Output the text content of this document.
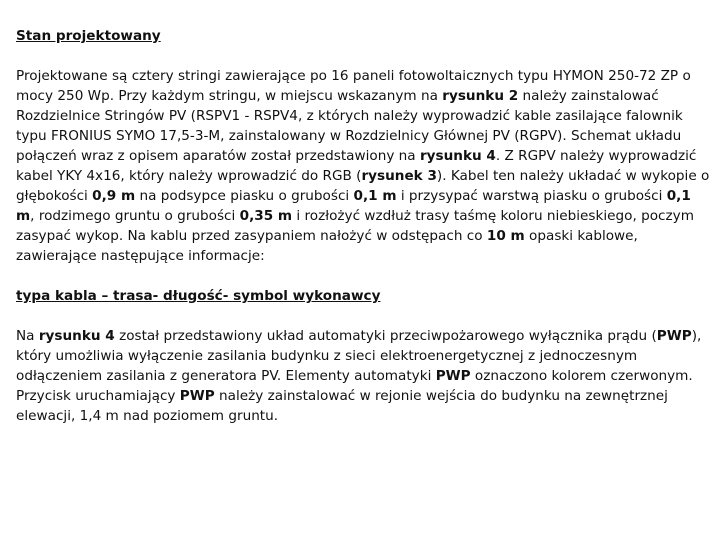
Stan projektowany

Projektowane są cztery stringi zawierające po 16 paneli fotowoltaicznych typu HYMON 250-72 ZP o mocy 250 Wp. Przy każdym stringu, w miejscu wskazanym na rysunku 2 należy zainstalować Rozdzielnice Stringów PV (RSPV1 - RSPV4, z których należy wyprowadzić kable zasilające falownik typu FRONIUS SYMO 17,5-3-M, zainstalowany w Rozdzielnicy Głównej PV (RGPV). Schemat układu połączeń wraz z opisem aparatów został przedstawiony na rysunku 4. Z RGPV należy wyprowadzić kabel YKY 4x16, który należy wprowadzić do RGB (rysunek 3). Kabel ten należy układać w wykopie o głębokości 0,9 m na podsypce piasku o grubości 0,1 m i przysypać warstwą piasku o grubości 0,1 m, rodzimego gruntu o grubości 0,35 m i rozłożyć wzdłuż trasy taśmę koloru niebieskiego, poczym zasypać wykop. Na kablu przed zasypaniem nałożyć w odstępach co 10 m opaski kablowe, zawierające następujące informacje:

typa kabla – trasa- długość- symbol wykonawcy

Na rysunku 4 został przedstawiony układ automatyki przeciwpożarowego wyłącznika prądu (PWP), który umożliwia wyłączenie zasilania budynku z sieci elektroenergetycznej z jednoczesnym odłączeniem zasilania z generatora PV. Elementy automatyki PWP oznaczono kolorem czerwonym.

Przycisk uruchamiający PWP należy zainstalować w rejonie wejścia do budynku na zewnętrznej elewacji, 1,4 m nad poziomem gruntu.
